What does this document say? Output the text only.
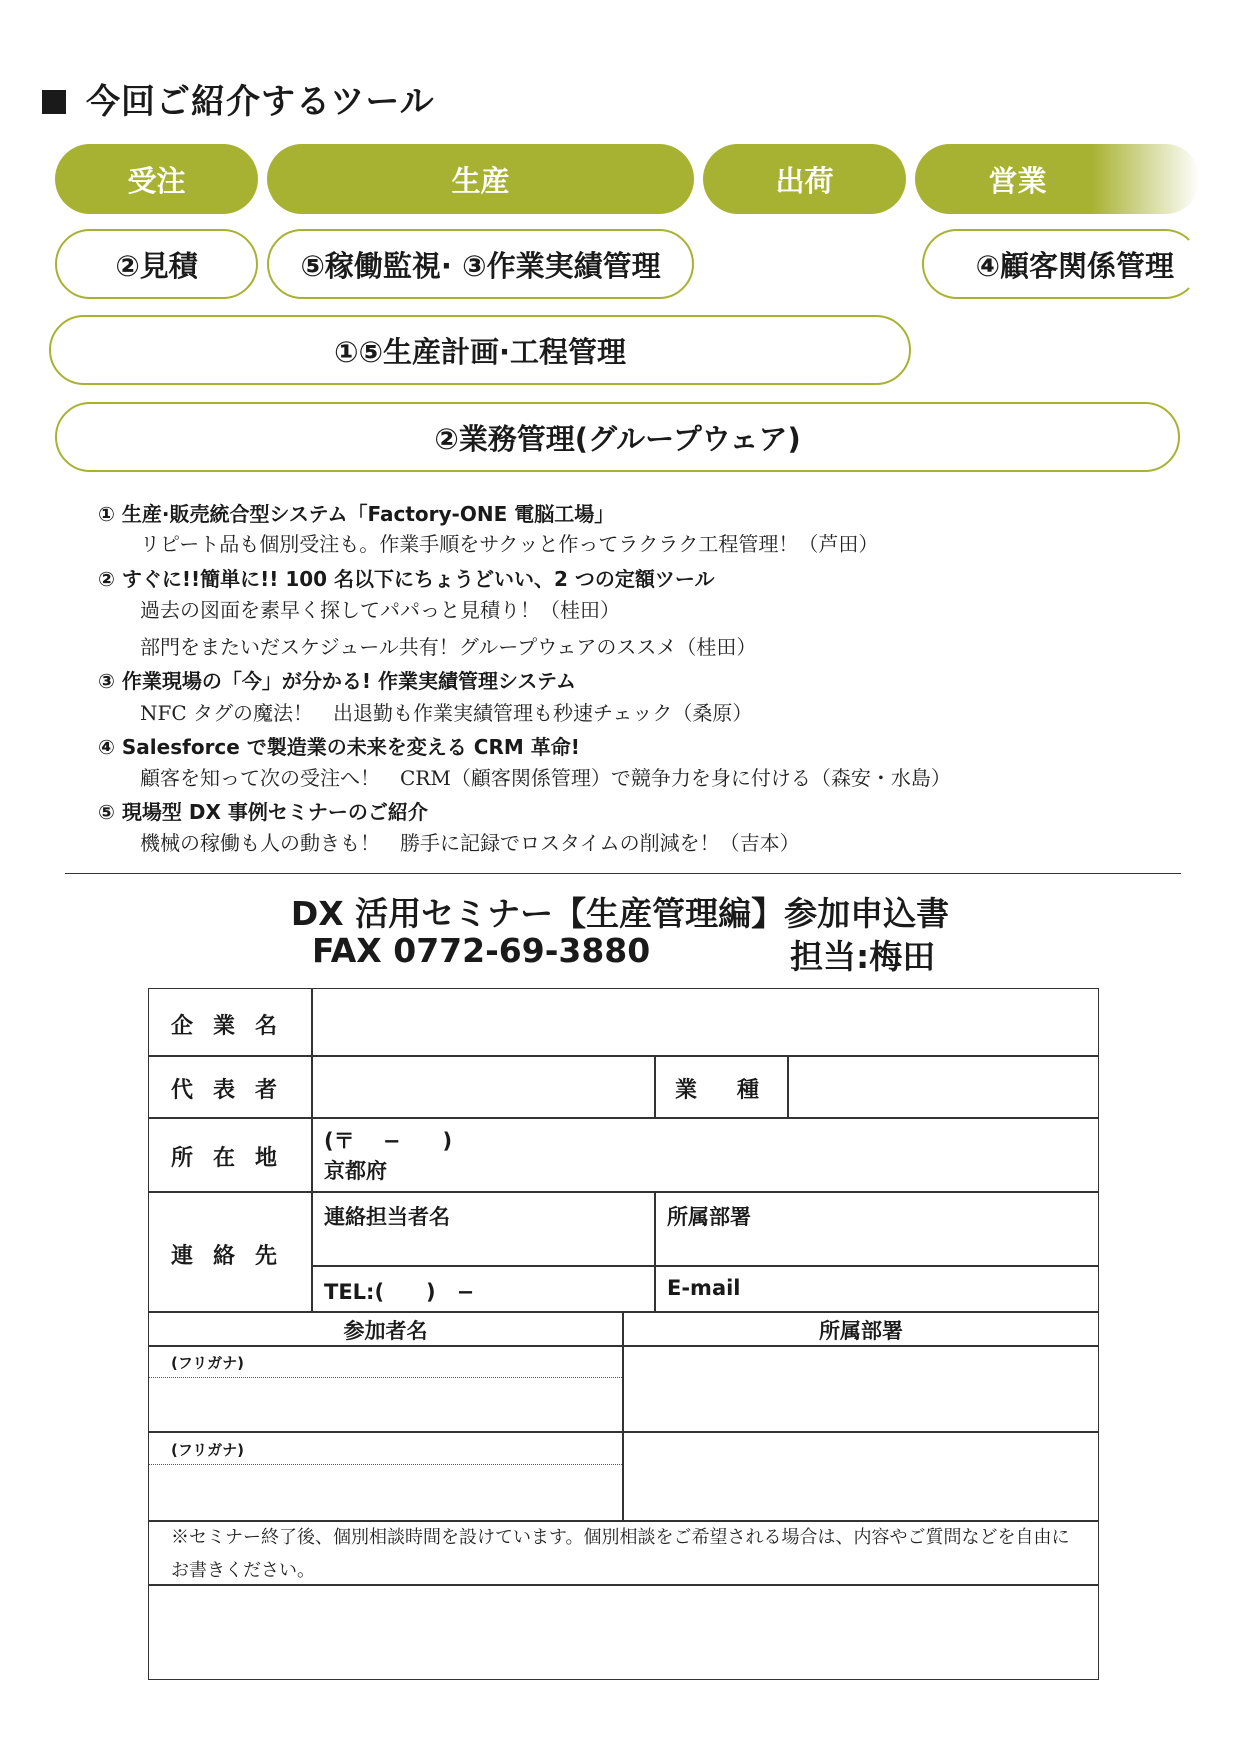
今回ご紹介するツール
受注	生産	出荷	営業
②見積	⑤稼働監視· ③作業実績管理	④顧客関係管理
①⑤生産計画·工程管理
②業務管理(グループウェア)
① 生産·販売統合型システム「Factory-ONE 電脳工場」
リピート品も個別受注も。作業手順をサクッと作ってラクラク工程管理！（芦田）
② すぐに!!簡単に!! 100 名以下にちょうどいい、2 つの定額ツール
過去の図面を素早く探してパパっと見積り！（桂田）
部門をまたいだスケジュール共有！グループウェアのススメ（桂田）
③ 作業現場の「今」が分かる! 作業実績管理システム
NFC タグの魔法！　出退勤も作業実績管理も秒速チェック（桑原）
④ Salesforce で製造業の未来を変える CRM 革命!
顧客を知って次の受注へ！　CRM（顧客関係管理）で競争力を身に付ける（森安・水島）
⑤ 現場型 DX 事例セミナーのご紹介
機械の稼働も人の動きも！　勝手に記録でロスタイムの削減を！（吉本）
DX 活用セミナー【生産管理編】参加申込書
FAX 0772-69-3880	担当:梅田
企業名
代表者	業種
所在地
(〒　 −　　)
京都府
連絡先
連絡担当者名	所属部署
TEL:(　　)　−	E-mail
参加者名	所属部署
(フリガナ)
(フリガナ)
※セミナー終了後、個別相談時間を設けています。個別相談をご希望される場合は、内容やご質問などを自由にお書きください。
